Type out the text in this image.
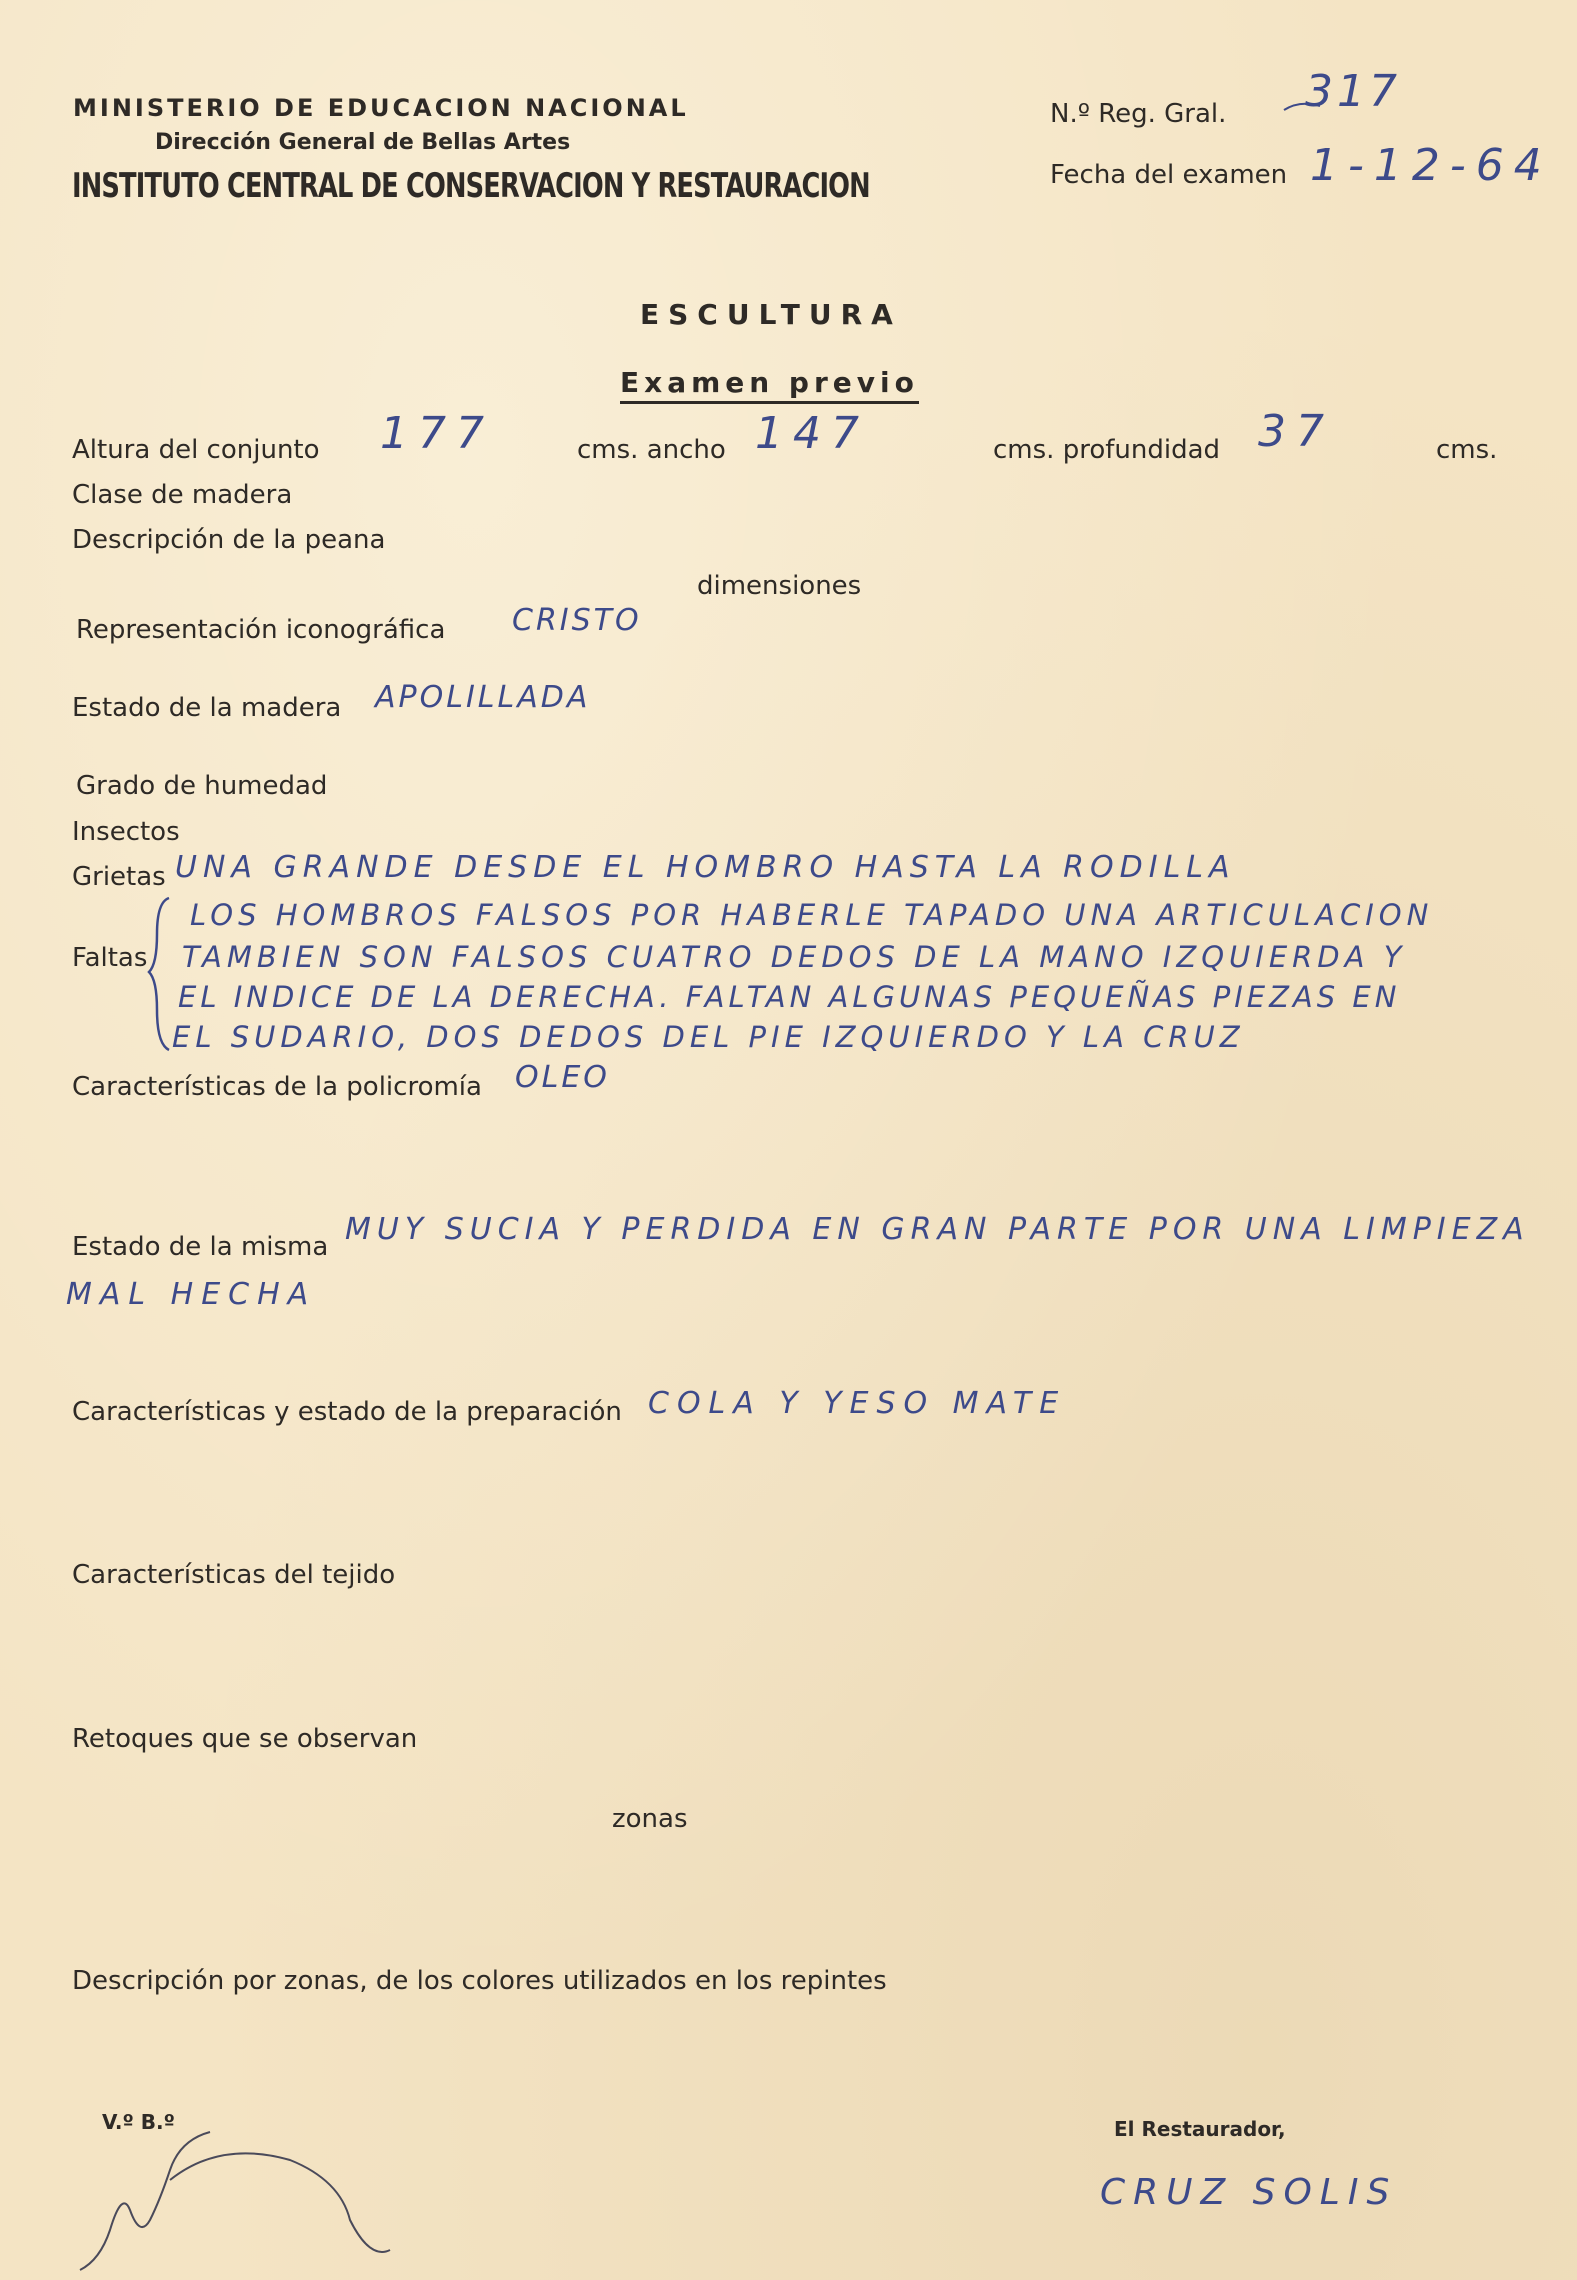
MINISTERIO DE EDUCACION NACIONAL
Dirección General de Bellas Artes
INSTITUTO CENTRAL DE CONSERVACION Y RESTAURACION
N.º Reg. Gral. 317
Fecha del examen 1-12-64
ESCULTURA
Examen previo
Altura del conjunto 177	cms. ancho 147	cms. profundidad 37	cms.
Clase de madera
Descripción de la peana
dimensiones
Representación iconográfica CRISTO
Estado de la madera APOLILLADA
Grado de humedad
Insectos
Grietas UNA GRANDE DESDE EL HOMBRO HASTA LA RODILLA
Faltas
LOS HOMBROS FALSOS POR HABERLE TAPADO UNA ARTICULACION
TAMBIEN SON FALSOS CUATRO DEDOS DE LA MANO IZQUIERDA Y
EL INDICE DE LA DERECHA. FALTAN ALGUNAS PEQUEÑAS PIEZAS EN
EL SUDARIO, DOS DEDOS DEL PIE IZQUIERDO Y LA CRUZ
Características de la policromía OLEO
Estado de la misma MUY SUCIA Y PERDIDA EN GRAN PARTE POR UNA LIMPIEZA
MAL HECHA
Características y estado de la preparación COLA Y YESO MATE
Características del tejido
Retoques que se observan
zonas
Descripción por zonas, de los colores utilizados en los repintes
V.º B.º	El Restaurador,
CRUZ SOLIS
